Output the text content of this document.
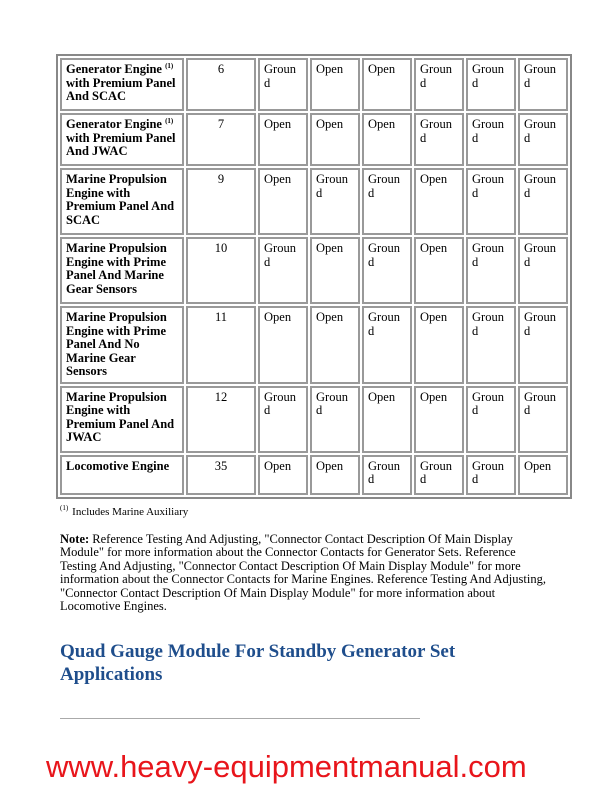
Generator Engine $^{(1)}$ with Premium Panel And SCAC	6	Ground	Open	Open	Ground	Ground	Ground
Generator Engine $^{(1)}$ with Premium Panel And JWAC	7	Open	Open	Open	Ground	Ground	Ground
Marine Propulsion Engine with Premium Panel And SCAC	9	Open	Ground	Ground	Open	Ground	Ground
Marine Propulsion Engine with Prime Panel And Marine Gear Sensors	10	Ground	Open	Ground	Open	Ground	Ground
Marine Propulsion Engine with Prime Panel And No Marine Gear Sensors	11	Open	Open	Ground	Open	Ground	Ground
Marine Propulsion Engine with Premium Panel And JWAC	12	Ground	Ground	Open	Open	Ground	Ground
Locomotive Engine	35	Open	Open	Ground	Ground	Ground	Open
$^{(1)}$ Includes Marine Auxiliary
Note: Reference Testing And Adjusting, "Connector Contact Description Of Main Display Module" for more information about the Connector Contacts for Generator Sets. Reference Testing And Adjusting, "Connector Contact Description Of Main Display Module" for more information about the Connector Contacts for Marine Engines. Reference Testing And Adjusting, "Connector Contact Description Of Main Display Module" for more information about Locomotive Engines.
Quad Gauge Module For Standby Generator Set Applications
www.heavy-equipmentmanual.com
